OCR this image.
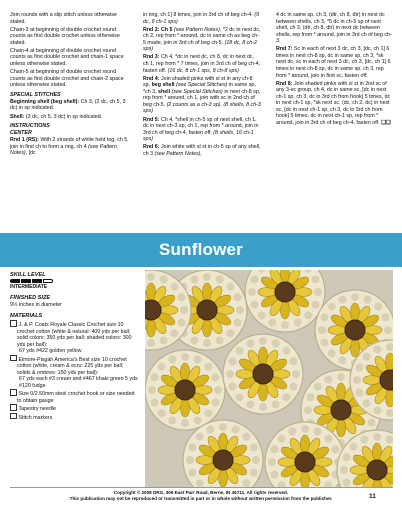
Join rounds with a slip stitch unless otherwise stated.

Chain-3 at beginning of double crochet round counts as first double crochet unless otherwise stated.

Chain-4 at beginning of double crochet round counts as first double crochet and chain-1 space unless otherwise stated.

Chain-5 at beginning of double crochet round counts as first double crochet and chain-2 space unless otherwise stated.

SPECIAL STITCHES

Beginning shell (beg shell): Ch 3, (2 dc, ch 5, 3 dc) in sp indicated.

Shell: (3 dc, ch 5, 3 dc) in sp indicated.

INSTRUCTIONS
CENTER

Rnd 1 (RS): With 2 strands of white held tog, ch 5, join in first ch to form a ring, ch 4 (see Pattern Notes), [dc

in ring, ch 1] 8 times, join in 3rd ch of beg ch-4. (9 dc, 9 ch-1 sps)

Rnd 2: Ch 5 (see Pattern Notes), *2 dc in next dc, ch 2, rep from * around, dc in same ch as beg ch-5 made, join in 3rd ch of beg ch-5. (18 dc, 8 ch-2 sps)

Rnd 3: Ch 4, *dc in next dc, ch 8, dc in next dc, ch 1, rep from * 7 times, join in 3rd ch of beg ch-4, fasten off. (16 dc, 8 ch-1 sps, 8 ch-8 sps)

Rnd 4: Join shaded pinks with sl st in any ch-8 sp, beg shell (see Special Stitches) in same sp, *ch 3, shell (see Special Stitches) in next ch-8 sp, rep from * around, ch 1, join with sc in 2nd ch of beg ch-5. (2 counts as a ch-3 sp). (8 shells, 8 ch-3 sps)

Rnd 5: Ch 4, *shell in ch-5 sp of next shell, ch 1, dc in next ch-3 sp, ch 1, rep from * around, join in 3rd ch of beg ch-4, fasten off. (8 shells, 16 ch-1 sps)

Rnd 6: Join white with sl st in ch-5 sp of any shell, ch 3 (see Pattern Notes),

4 dc in same sp, ch 3, (dtr, ch 8, dtr) in next dc between shells, ch 3, *5 dc in ch-5 sp of next shell, ch 3, (dtr, ch 8, dtr) in next dc between shells, rep from * around, join in 3rd ch of beg ch-3.

Rnd 7: Sc in each of next 3 dc, ch 3, [dc, ch 1] 6 times in next ch-8 sp, dc in same sp, ch 3, *sk next dc, sc in each of next 3 dc, ch 3, [dc, ch 1] 6 times in next ch-8 sp, dc in same sp, ch 3, rep from * around, join in first sc, fasten off.

Rnd 8: Join shaded pinks with sl st in 2nd sc of any 3-sc group, ch 4, dc in same sc, [dc in next ch-1 sp, ch 3, dc in 3rd ch from hook] 5 times, dc in next ch-1 sp, *sk next sc, (dc, ch 2, dc) in next sc, [dc in next ch-1 sp, ch 3, dc in 3rd ch from hook] 5 times, dc in next ch-1 sp, rep from * around, join in 3rd ch of beg ch-4, fasten off. ❑❑

Sunflower
SKILL LEVEL
INTERMEDIATE
FINISHED SIZE
9½ inches in diameter
MATERIALS
J. & P. Coats Royale Classic Crochet size 10 crochet cotton (white & natural: 400 yds per ball; solid colors: 350 yds per ball; shaded colors: 300 yds per ball):
67 yds #422 golden yellow
Elmore-Pisgah America's Best size 10 crochet cotton (white, cream & ecru: 225 yds per ball; solids & ombres: 150 yds per ball):
67 yds each #3 cream and #467 khaki green 5 yds #120 fudge
Size 0/2.50mm steel crochet hook or size needed to obtain gauge
Tapestry needle
Stitch markers
Copyright © 2008 DRG, 306 East Parr Road, Berne, IN 46711. All rights reserved.
This publication may not be reproduced or transmitted in part or in whole without written permission from the publisher.	11
